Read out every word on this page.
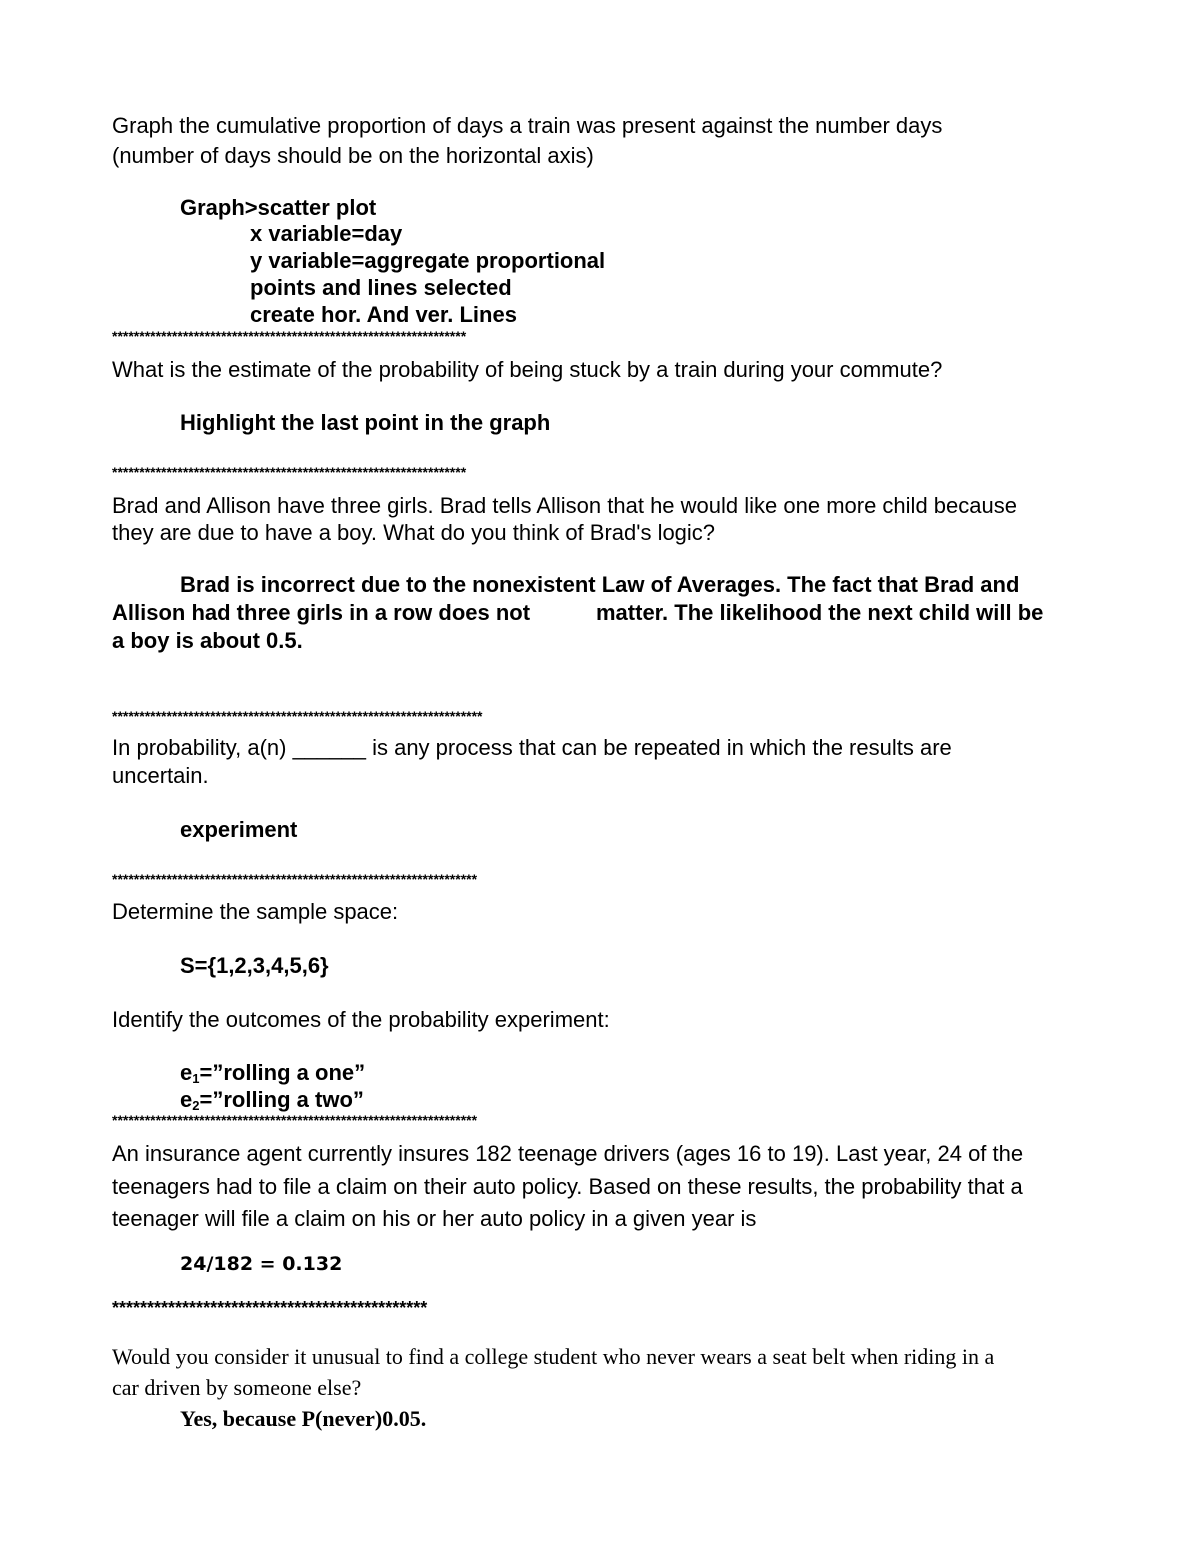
Graph the cumulative proportion of days a train was present against the number days

(number of days should be on the horizontal axis)

Graph>scatter plot

x variable=day

y variable=aggregate proportional

points and lines selected

create hor. And ver. Lines

*****************************************************************

What is the estimate of the probability of being stuck by a train during your commute?

Highlight the last point in the graph

*****************************************************************

Brad and Allison have three girls. Brad tells Allison that he would like one more child because

they are due to have a boy. What do you think of Brad's logic?

Brad is incorrect due to the nonexistent Law of Averages. The fact that Brad and

Allison had three girls in a row does not	matter. The likelihood the next child will be

a boy is about 0.5.

********************************************************************

In probability, a(n) ______ is any process that can be repeated in which the results are

uncertain.

experiment

*******************************************************************

Determine the sample space:

S={1,2,3,4,5,6}

Identify the outcomes of the probability experiment:

$e_1=”rolling$ a one”

$e_2=”rolling$ a two”

*******************************************************************

An insurance agent currently insures 182 teenage drivers (ages 16 to 19). Last year, 24 of the

teenagers had to file a claim on their auto policy. Based on these results, the probability that a

teenager will file a claim on his or her auto policy in a given year is

24/182 = 0.132

*********************************************

Would you consider it unusual to find a college student who never wears a seat belt when riding in a

car driven by someone else?

Yes, because P(never)0.05.
